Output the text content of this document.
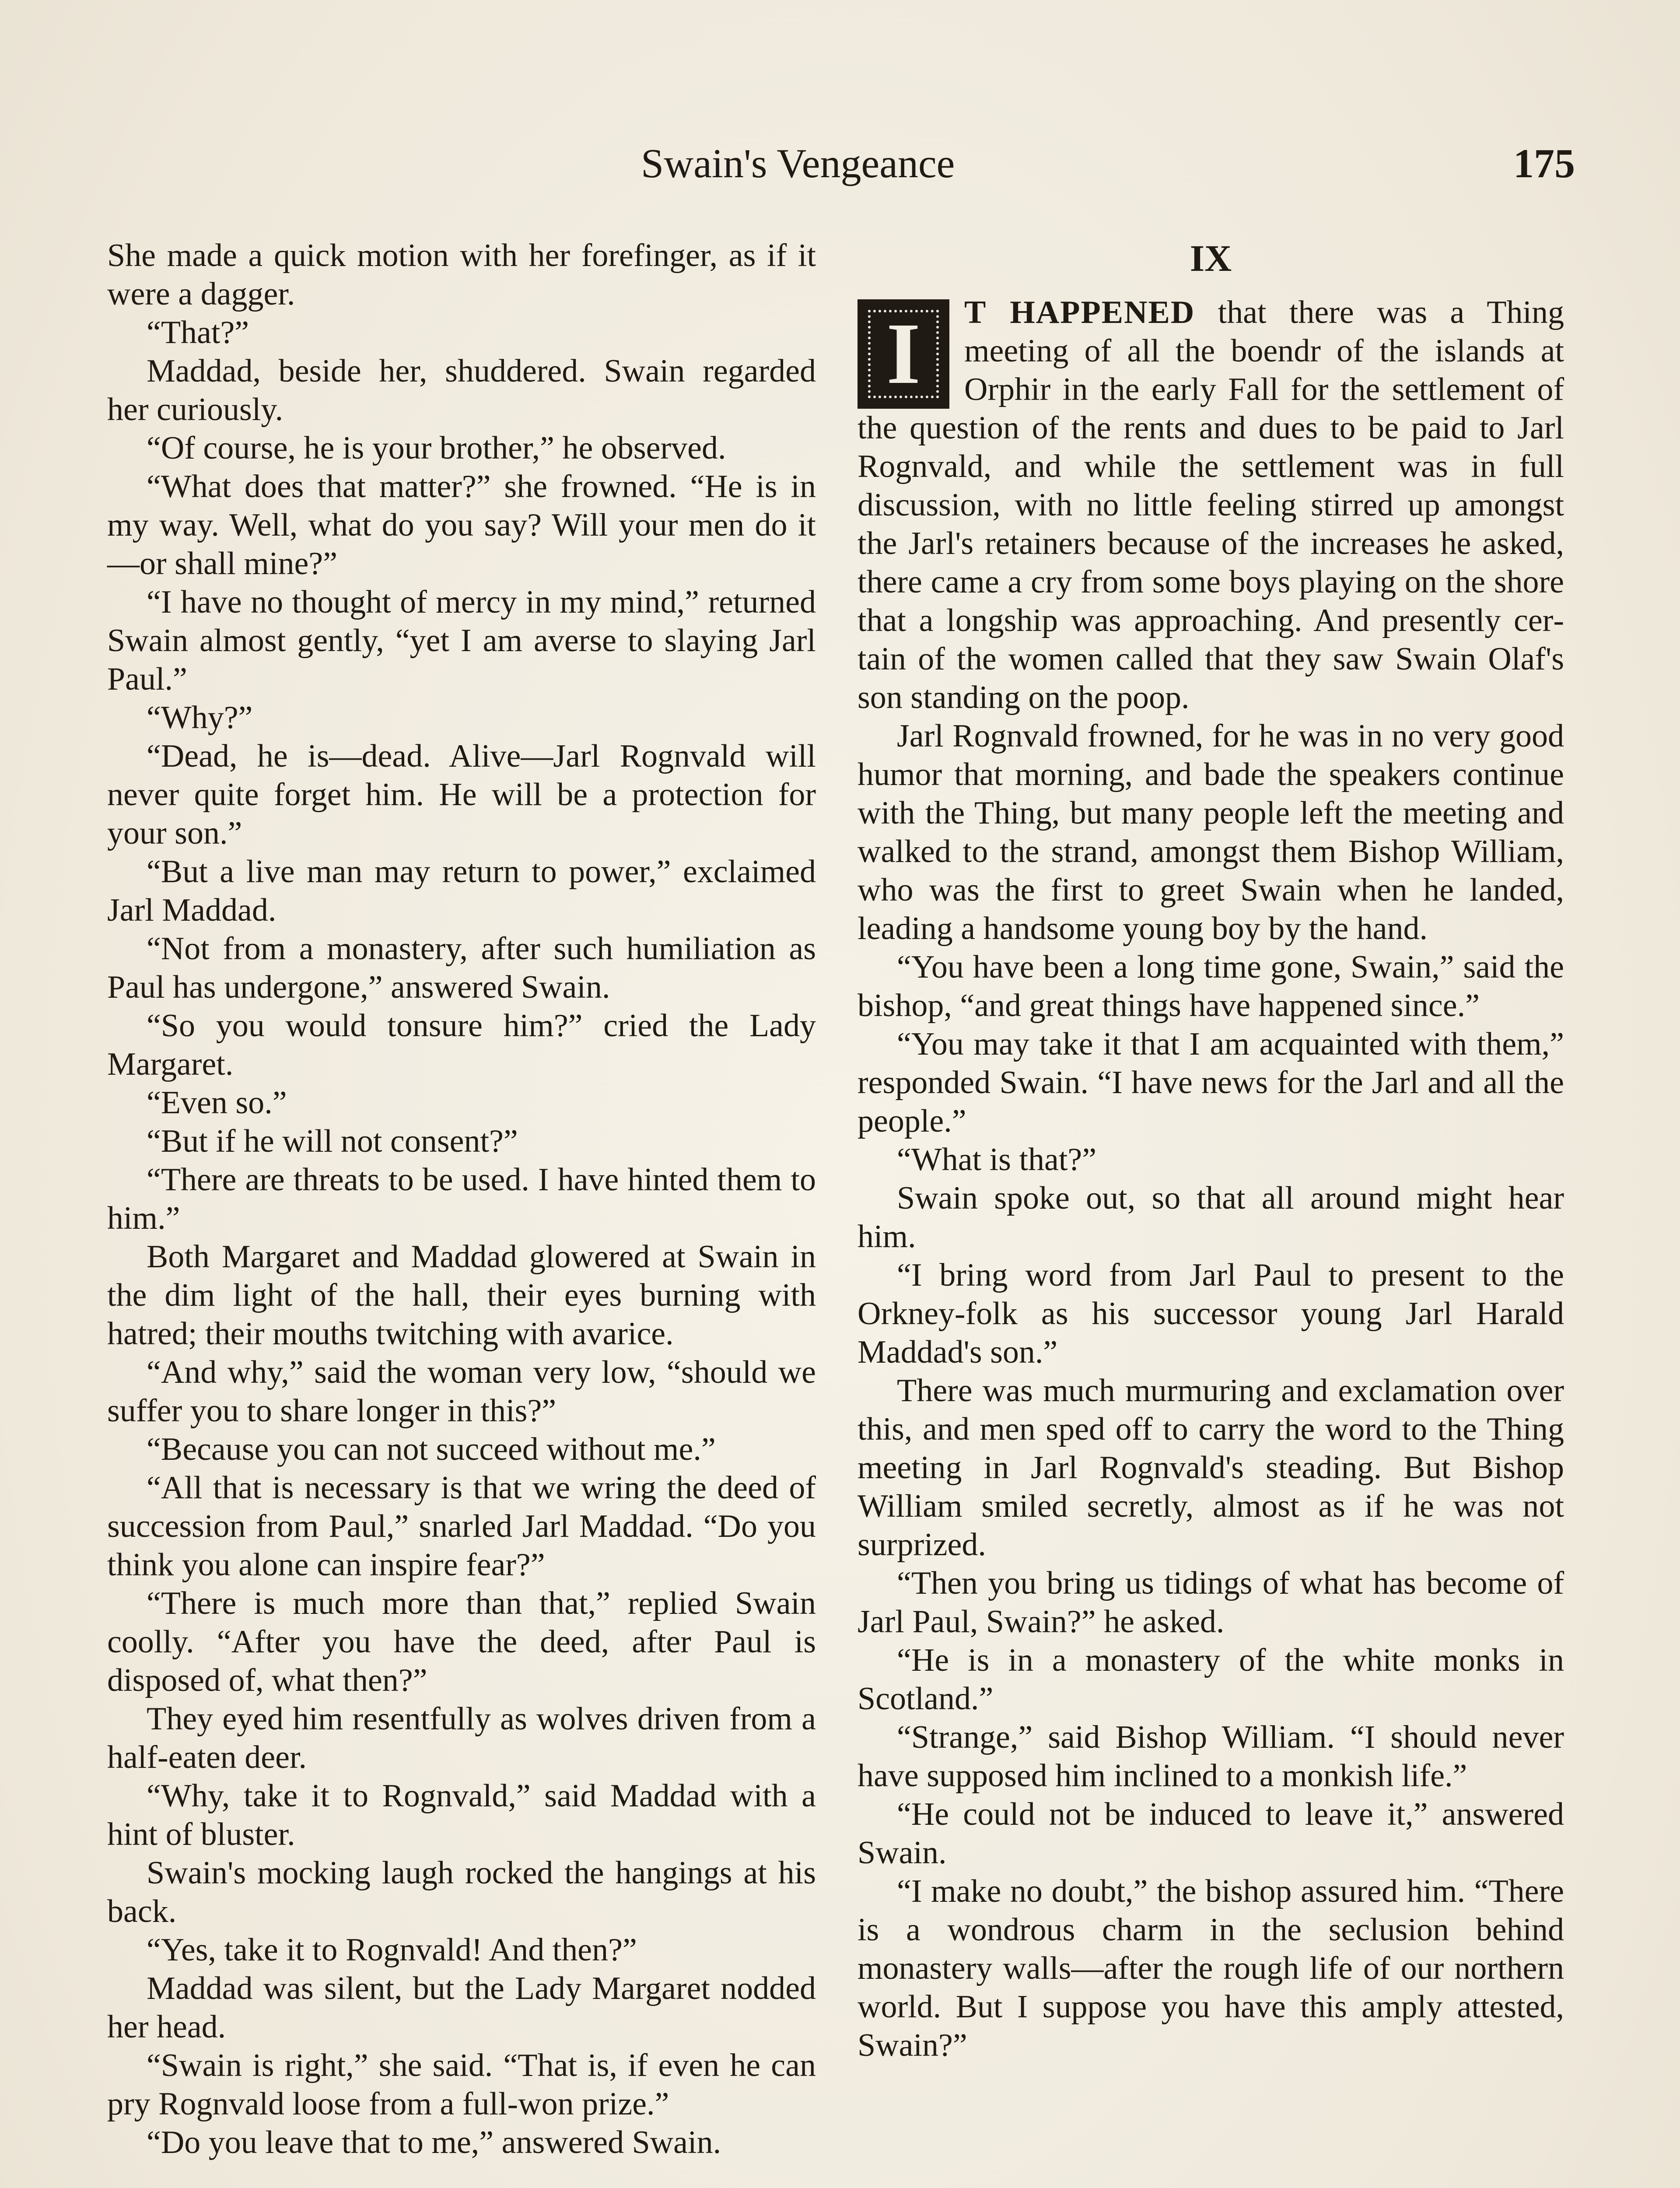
Swain's Vengeance	175

She made a quick motion with her forefinger, as if it were a dagger.

“That?”

Maddad, beside her, shuddered. Swain regarded her curiously.

“Of course, he is your brother,” he observed.

“What does that matter?” she frowned. “He is in my way. Well, what do you say? Will your men do it—or shall mine?”

“I have no thought of mercy in my mind,” returned Swain almost gently, “yet I am averse to slaying Jarl Paul.”

“Why?”

“Dead, he is—dead. Alive—Jarl Rognvald will never quite forget him. He will be a protection for your son.”

“But a live man may return to power,” exclaimed Jarl Maddad.

“Not from a monastery, after such humiliation as Paul has undergone,” answered Swain.

“So you would tonsure him?” cried the Lady Margaret.

“Even so.”

“But if he will not consent?”

“There are threats to be used. I have hinted them to him.”

Both Margaret and Maddad glowered at Swain in the dim light of the hall, their eyes burning with hatred; their mouths twitching with avarice.

“And why,” said the woman very low, “should we suffer you to share longer in this?”

“Because you can not succeed without me.”

“All that is necessary is that we wring the deed of succession from Paul,” snarled Jarl Maddad. “Do you think you alone can inspire fear?”

“There is much more than that,” replied Swain coolly. “After you have the deed, after Paul is disposed of, what then?”

They eyed him resentfully as wolves driven from a half-eaten deer.

“Why, take it to Rognvald,” said Maddad with a hint of bluster.

Swain's mocking laugh rocked the hangings at his back.

“Yes, take it to Rognvald! And then?”

Maddad was silent, but the Lady Margaret nodded her head.

“Swain is right,” she said. “That is, if even he can pry Rognvald loose from a full-won prize.”

“Do you leave that to me,” answered Swain.

IX

I	T HAPPENED that there was a Thing meeting of all the boendr of the islands at Orphir in the early Fall for the settlement of the question of the rents and dues to be paid to Jarl Rognvald, and while the settlement was in full discussion, with no little feeling stirred up amongst the Jarl's retainers because of the increases he asked, there came a cry from some boys playing on the shore that a longship was approaching. And presently certain of the women called that they saw Swain Olaf's son standing on the poop.

Jarl Rognvald frowned, for he was in no very good humor that morning, and bade the speakers continue with the Thing, but many people left the meeting and walked to the strand, amongst them Bishop William, who was the first to greet Swain when he landed, leading a handsome young boy by the hand.

“You have been a long time gone, Swain,” said the bishop, “and great things have happened since.”

“You may take it that I am acquainted with them,” responded Swain. “I have news for the Jarl and all the people.”

“What is that?”

Swain spoke out, so that all around might hear him.

“I bring word from Jarl Paul to present to the Orkney-folk as his successor young Jarl Harald Maddad's son.”

There was much murmuring and exclamation over this, and men sped off to carry the word to the Thing meeting in Jarl Rognvald's steading. But Bishop William smiled secretly, almost as if he was not surprized.

“Then you bring us tidings of what has become of Jarl Paul, Swain?” he asked.

“He is in a monastery of the white monks in Scotland.”

“Strange,” said Bishop William. “I should never have supposed him inclined to a monkish life.”

“He could not be induced to leave it,” answered Swain.

“I make no doubt,” the bishop assured him. “There is a wondrous charm in the seclusion behind monastery walls—after the rough life of our northern world. But I suppose you have this amply attested, Swain?”
